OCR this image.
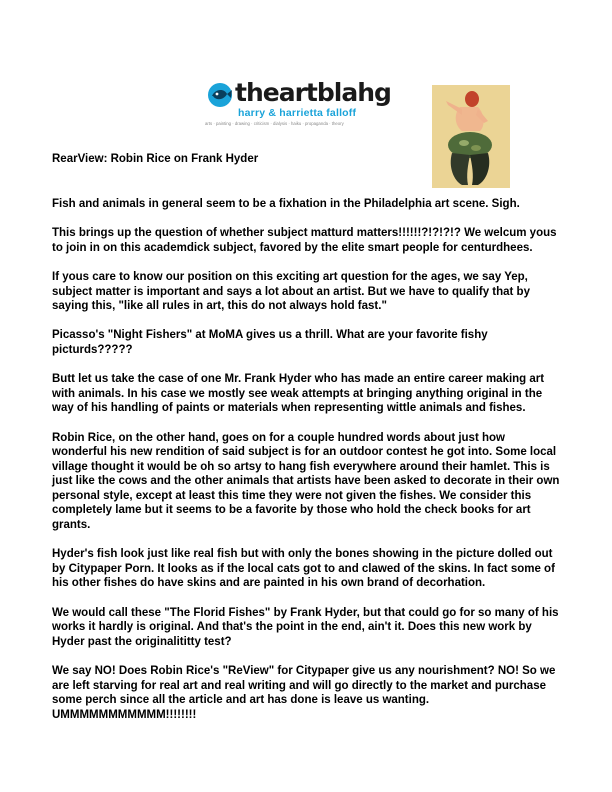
theartblahg
harry & harrietta falloff
arts · painting · drawing · criticism · dialysis · haiku · propaganda · theory
RearView: Robin Rice on Frank Hyder

Fish and animals in general seem to be a fixhation in the Philadelphia art scene. Sigh.

This brings up the question of whether subject matturd matters!!!!!!?!?!?!? We welcum yous to join in on this academdick subject, favored by the elite smart people for centurdhees.

If yous care to know our position on this exciting art question for the ages, we say Yep, subject matter is important and says a lot about an artist. But we have to qualify that by saying this, "like all rules in art, this do not always hold fast."

Picasso's "Night Fishers" at MoMA gives us a thrill. What are your favorite fishy picturds?????

Butt let us take the case of one Mr. Frank Hyder who has made an entire career making art with animals. In his case we mostly see weak attempts at bringing anything original in the way of his handling of paints or materials when representing wittle animals and fishes.

Robin Rice, on the other hand, goes on for a couple hundred words about just how wonderful his new rendition of said subject is for an outdoor contest he got into. Some local village thought it would be oh so artsy to hang fish everywhere around their hamlet. This is just like the cows and the other animals that artists have been asked to decorate in their own personal style, except at least this time they were not given the fishes. We consider this completely lame but it seems to be a favorite by those who hold the check books for art grants.

Hyder's fish look just like real fish but with only the bones showing in the picture dolled out by Citypaper Porn. It looks as if the local cats got to and clawed of the skins. In fact some of his other fishes do have skins and are painted in his own brand of decorhation.

We would call these "The Florid Fishes" by Frank Hyder, but that could go for so many of his works it hardly is original. And that's the point in the end, ain't it. Does this new work by Hyder past the originalititty test?

We say NO! Does Robin Rice's "ReView" for Citypaper give us any nourishment? NO! So we are left starving for real art and real writing and will go directly to the market and purchase some perch since all the article and art has done is leave us wanting. UMMMMMMMMMMM!!!!!!!!
